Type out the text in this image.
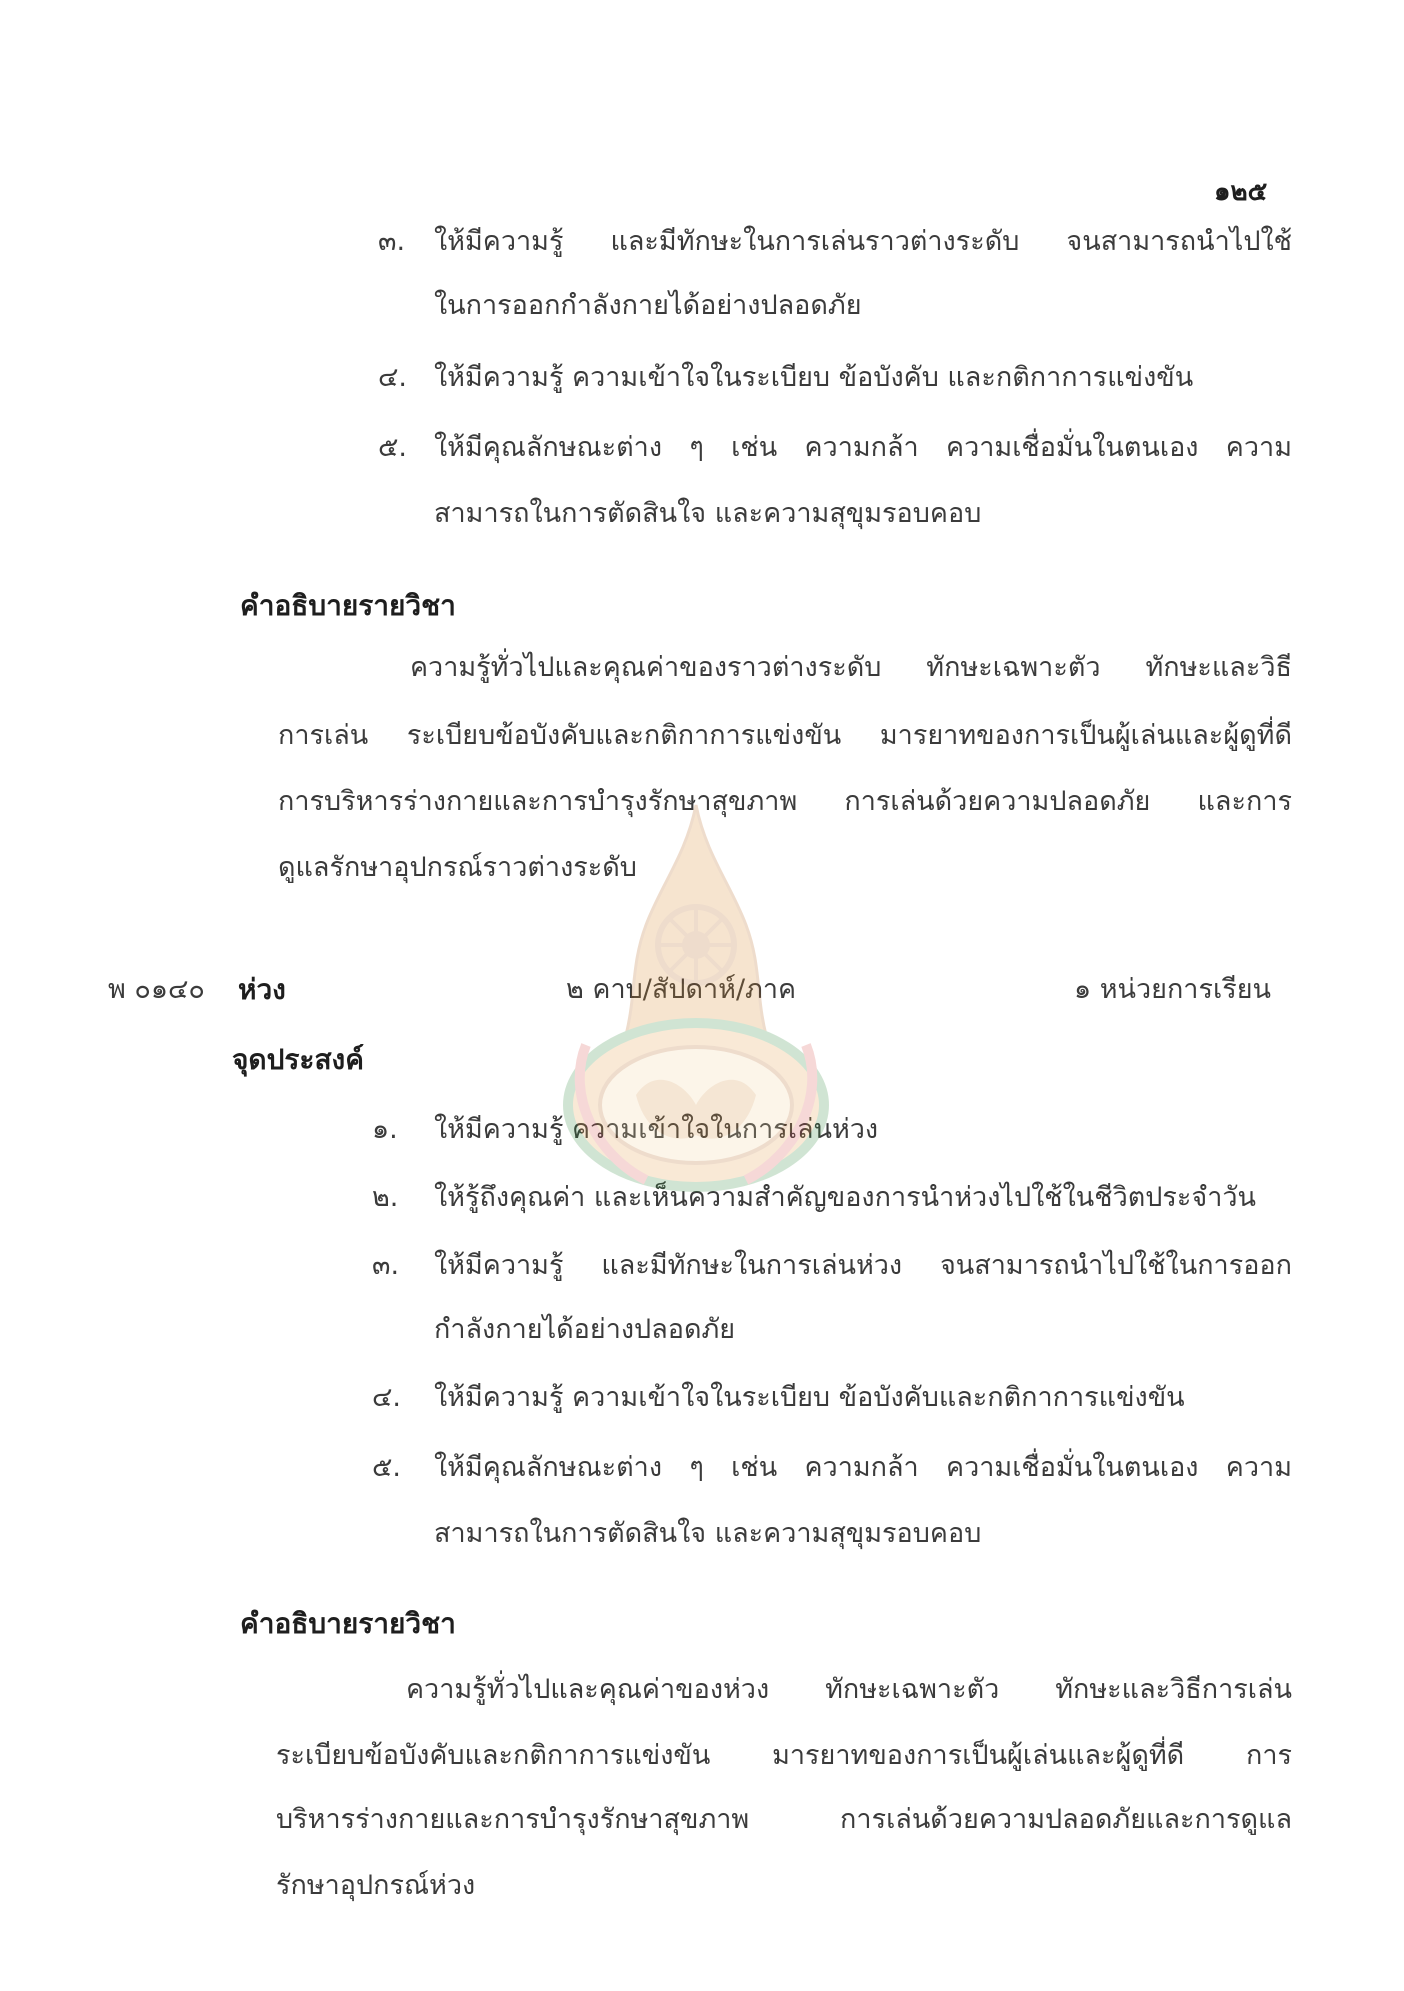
๑๒๕
๓. ให้มีความรู้ และมีทักษะในการเล่นราวต่างระดับ จนสามารถนำไปใช้
ในการออกกำลังกายได้อย่างปลอดภัย
๔. ให้มีความรู้ ความเข้าใจในระเบียบ ข้อบังคับ และกติกาการแข่งขัน
๕. ให้มีคุณลักษณะต่าง ๆ เช่น ความกล้า ความเชื่อมั่นในตนเอง ความ
สามารถในการตัดสินใจ และความสุขุมรอบคอบ
คำอธิบายรายวิชา
ความรู้ทั่วไปและคุณค่าของราวต่างระดับ ทักษะเฉพาะตัว ทักษะและวิธี
การเล่น ระเบียบข้อบังคับและกติกาการแข่งขัน มารยาทของการเป็นผู้เล่นและผู้ดูที่ดี
การบริหารร่างกายและการบำรุงรักษาสุขภาพ การเล่นด้วยความปลอดภัย และการ
ดูแลรักษาอุปกรณ์ราวต่างระดับ
พ ๐๑๔๐ ห่วง	๒ คาบ/สัปดาห์/ภาค	๑ หน่วยการเรียน
จุดประสงค์
๑. ให้มีความรู้ ความเข้าใจในการเล่นห่วง
๒. ให้รู้ถึงคุณค่า และเห็นความสำคัญของการนำห่วงไปใช้ในชีวิตประจำวัน
๓. ให้มีความรู้ และมีทักษะในการเล่นห่วง จนสามารถนำไปใช้ในการออก
กำลังกายได้อย่างปลอดภัย
๔. ให้มีความรู้ ความเข้าใจในระเบียบ ข้อบังคับและกติกาการแข่งขัน
๕. ให้มีคุณลักษณะต่าง ๆ เช่น ความกล้า ความเชื่อมั่นในตนเอง ความ
สามารถในการตัดสินใจ และความสุขุมรอบคอบ
คำอธิบายรายวิชา
ความรู้ทั่วไปและคุณค่าของห่วง ทักษะเฉพาะตัว ทักษะและวิธีการเล่น
ระเบียบข้อบังคับและกติกาการแข่งขัน มารยาทของการเป็นผู้เล่นและผู้ดูที่ดี การ
บริหารร่างกายและการบำรุงรักษาสุขภาพ การเล่นด้วยความปลอดภัยและการดูแล
รักษาอุปกรณ์ห่วง
